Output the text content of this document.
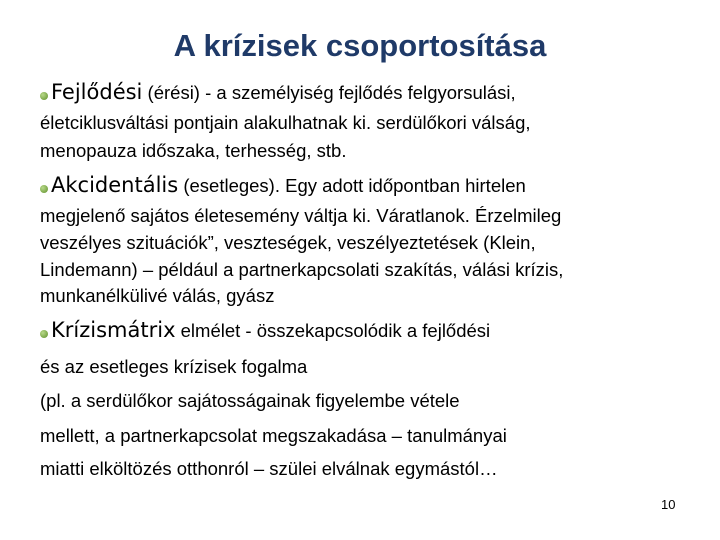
A krízisek csoportosítása
Fejlődési (érési) - a személyiség fejlődés felgyorsulási,
életciklusváltási pontjain alakulhatnak ki. serdülőkori válság,
menopauza időszaka, terhesség, stb.
Akcidentális (esetleges). Egy adott időpontban hirtelen
megjelenő sajátos életesemény váltja ki. Váratlanok. Érzelmileg
veszélyes szituációk”, veszteségek, veszélyeztetések (Klein,
Lindemann) – például a partnerkapcsolati szakítás, válási krízis,
munkanélkülivé válás, gyász
Krízismátrix elmélet - összekapcsolódik a fejlődési
és az esetleges krízisek fogalma
(pl. a serdülőkor sajátosságainak figyelembe vétele
mellett, a partnerkapcsolat megszakadása – tanulmányai
miatti elköltözés otthonról – szülei elválnak egymástól…
10
